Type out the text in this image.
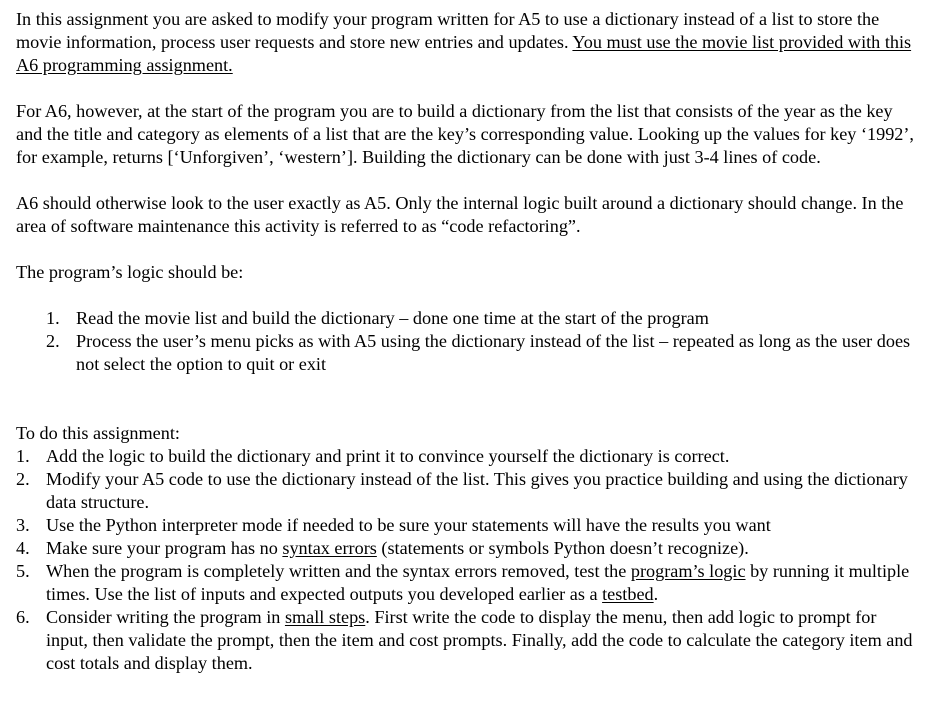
In this assignment you are asked to modify your program written for A5 to use a dictionary instead of a list to store the movie information, process user requests and store new entries and updates. You must use the movie list provided with this A6 programming assignment.

For A6, however, at the start of the program you are to build a dictionary from the list that consists of the year as the key and the title and category as elements of a list that are the key’s corresponding value. Looking up the values for key ‘1992’, for example, returns [‘Unforgiven’, ‘western’]. Building the dictionary can be done with just 3-4 lines of code.

A6 should otherwise look to the user exactly as A5. Only the internal logic built around a dictionary should change. In the area of software maintenance this activity is referred to as “code refactoring”.

The program’s logic should be:

1. Read the movie list and build the dictionary – done one time at the start of the program
2. Process the user’s menu picks as with A5 using the dictionary instead of the list – repeated as long as the user does not select the option to quit or exit

To do this assignment:

1. Add the logic to build the dictionary and print it to convince yourself the dictionary is correct.
2. Modify your A5 code to use the dictionary instead of the list. This gives you practice building and using the dictionary data structure.
3. Use the Python interpreter mode if needed to be sure your statements will have the results you want
4. Make sure your program has no syntax errors (statements or symbols Python doesn’t recognize).
5. When the program is completely written and the syntax errors removed, test the program’s logic by running it multiple times. Use the list of inputs and expected outputs you developed earlier as a testbed.
6. Consider writing the program in small steps. First write the code to display the menu, then add logic to prompt for input, then validate the prompt, then the item and cost prompts. Finally, add the code to calculate the category item and cost totals and display them.
